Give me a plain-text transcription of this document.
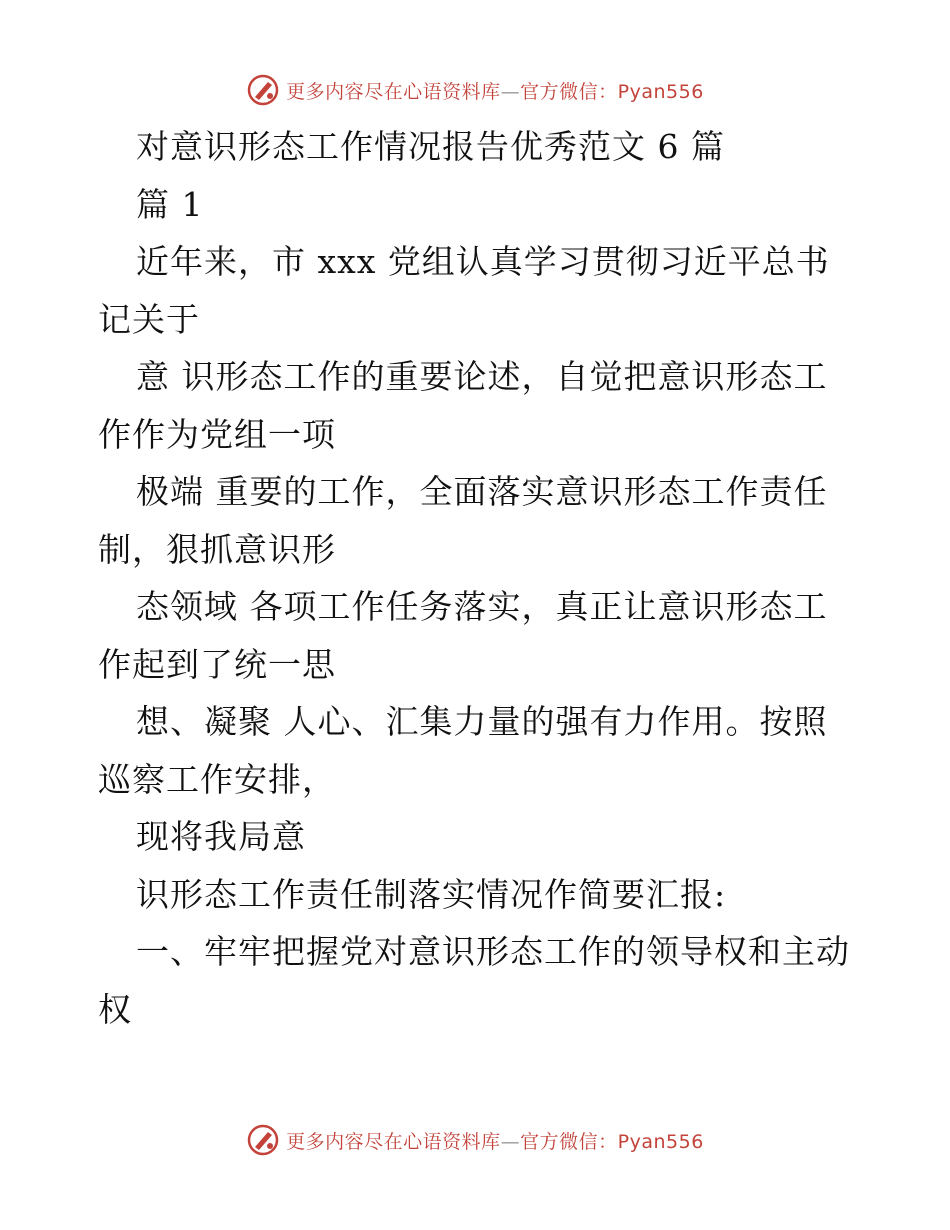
更多内容尽在心语资料库—官方微信：Pyan556
对意识形态工作情况报告优秀范文 6 篇
篇 1
近年来，市 xxx 党组认真学习贯彻习近平总书
记关于
意 识形态工作的重要论述，自觉把意识形态工
作作为党组一项
极端 重要的工作，全面落实意识形态工作责任
制，狠抓意识形
态领域 各项工作任务落实，真正让意识形态工
作起到了统一思
想、凝聚 人心、汇集力量的强有力作用。按照
巡察工作安排，
现将我局意
识形态工作责任制落实情况作简要汇报:
一、牢牢把握党对意识形态工作的领导权和主动
权
更多内容尽在心语资料库—官方微信：Pyan556
